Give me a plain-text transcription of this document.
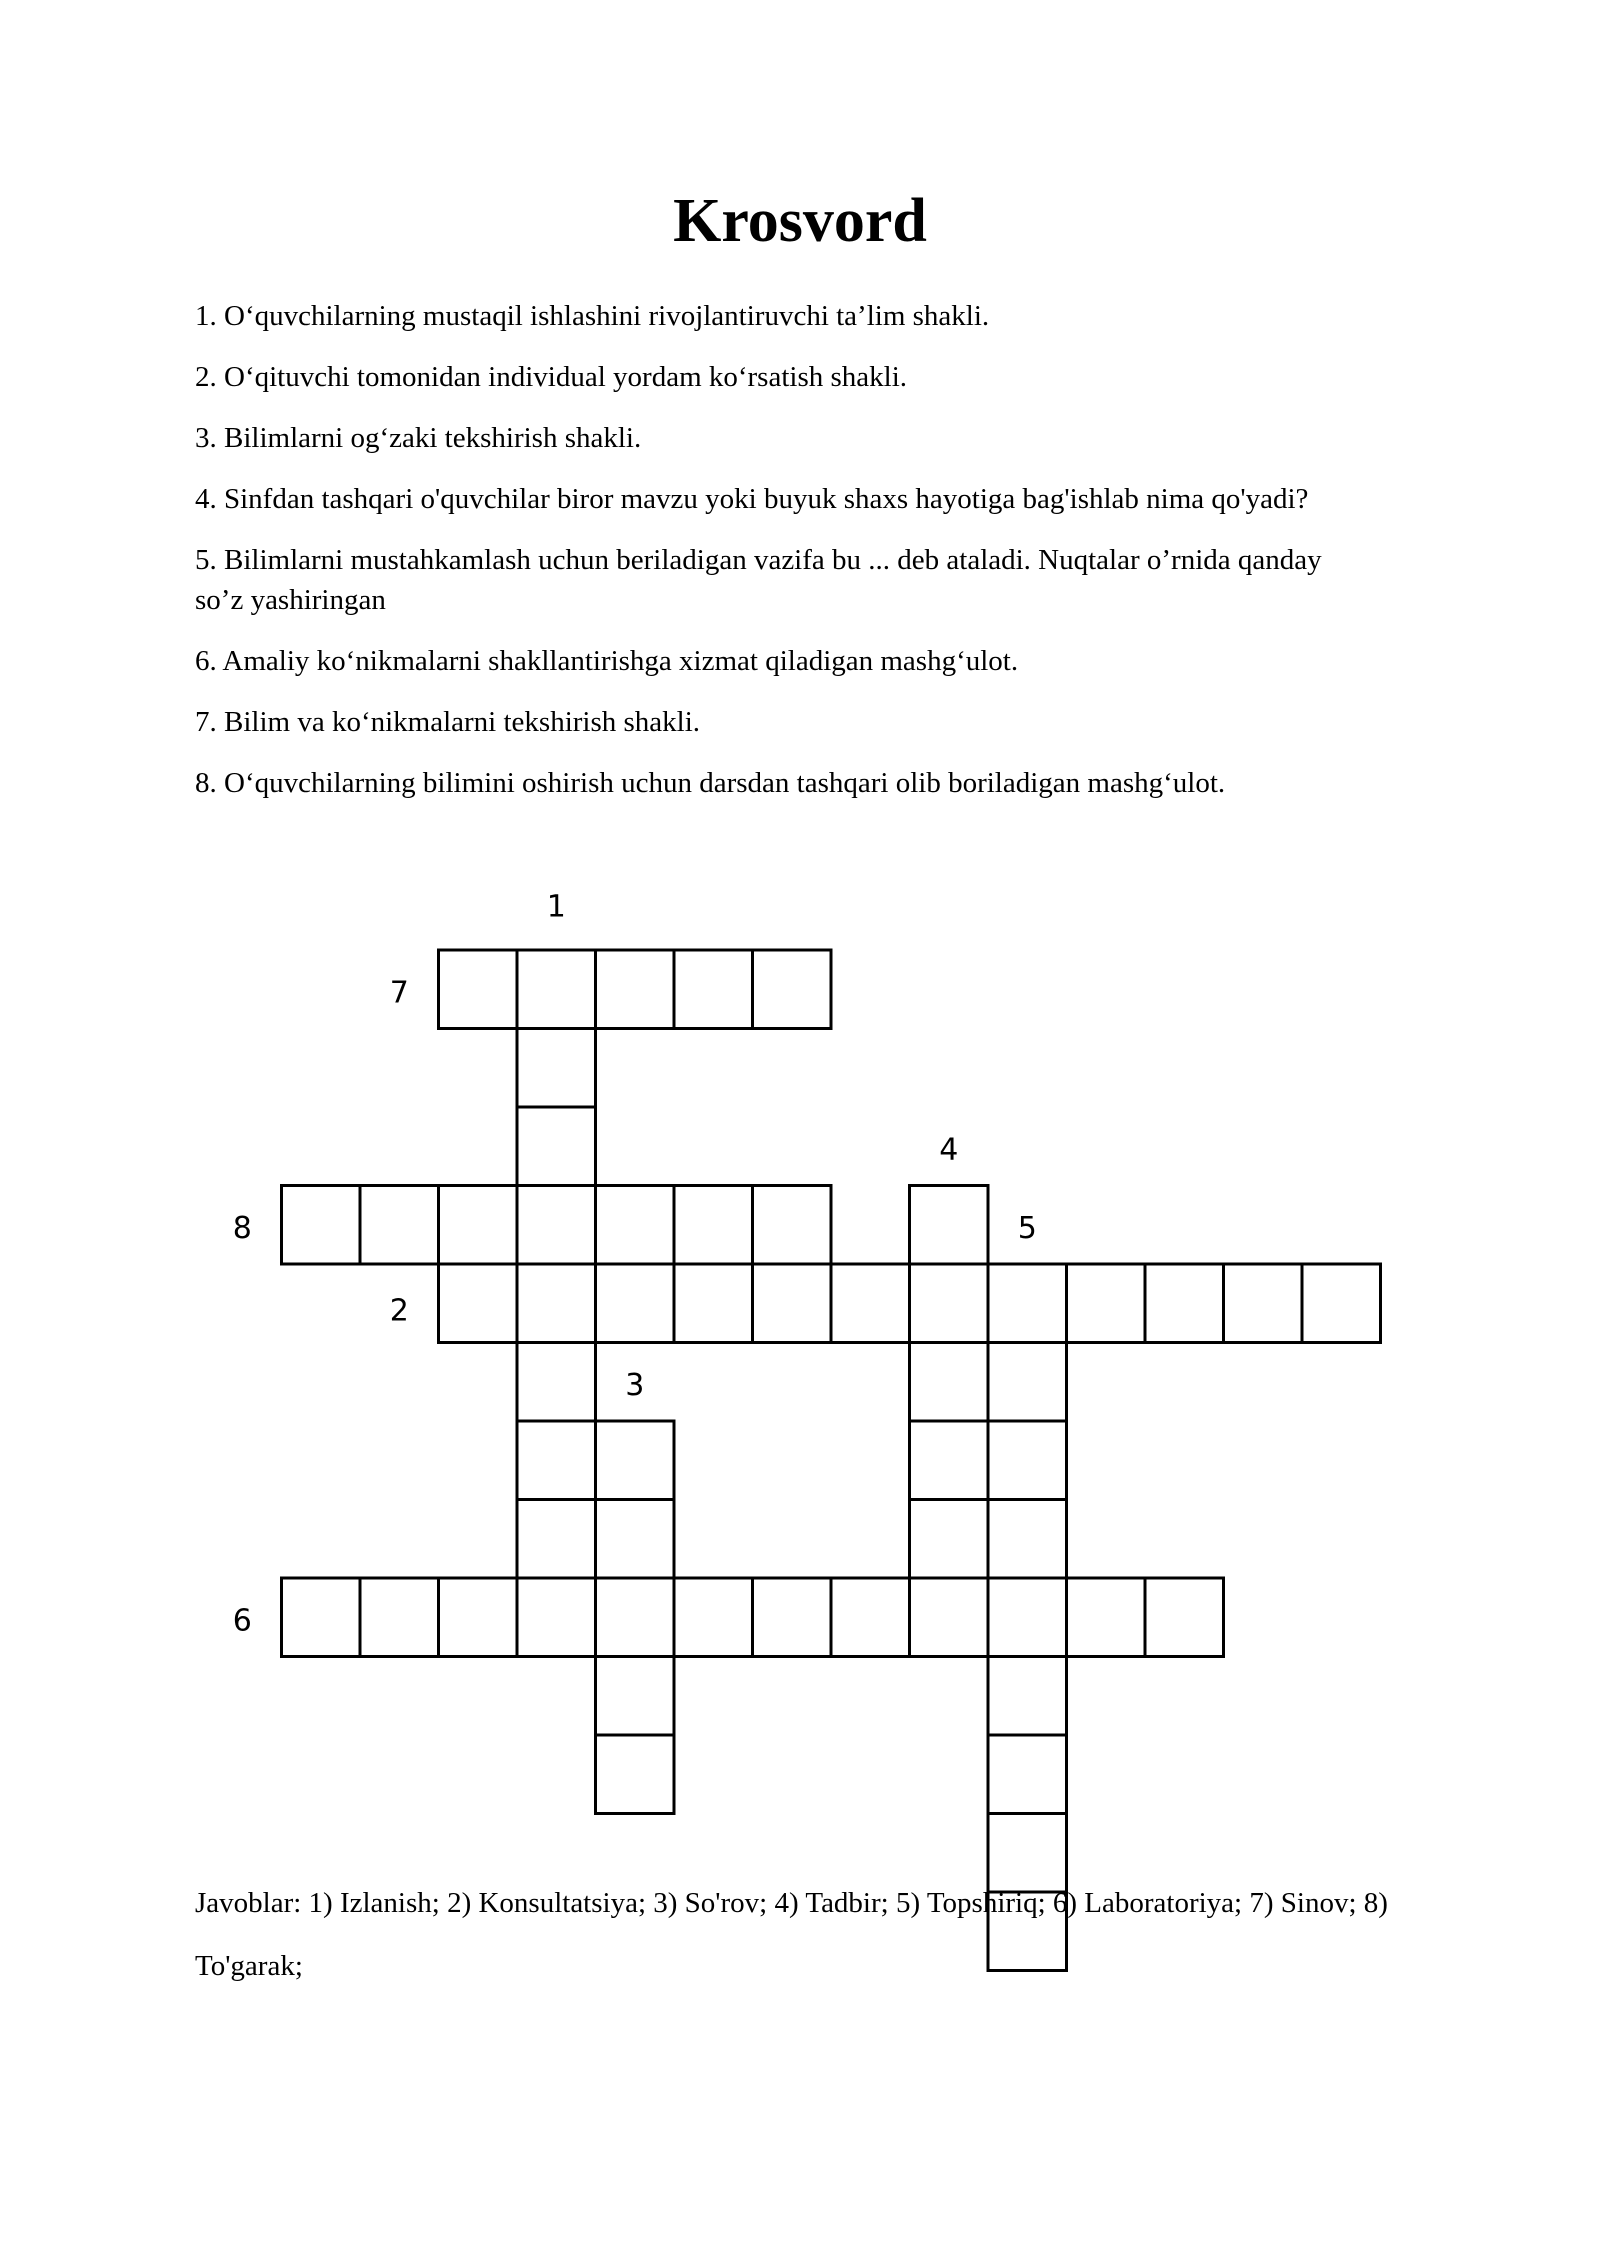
Krosvord
1. O‘quvchilarning mustaqil ishlashini rivojlantiruvchi ta’lim shakli.
2. O‘qituvchi tomonidan individual yordam ko‘rsatish shakli.
3. Bilimlarni og‘zaki tekshirish shakli.
4. Sinfdan tashqari o'quvchilar biror mavzu yoki buyuk shaxs hayotiga bag'ishlab nima qo'yadi?
5. Bilimlarni mustahkamlash uchun beriladigan vazifa bu ... deb ataladi. Nuqtalar o’rnida qanday so’z yashiringan
6. Amaliy ko‘nikmalarni shakllantirishga xizmat qiladigan mashg‘ulot.
7. Bilim va ko‘nikmalarni tekshirish shakli.
8. O‘quvchilarning bilimini oshirish uchun darsdan tashqari olib boriladigan mashg‘ulot.
1
2
3
4
5
6
7
8

Javoblar: 1) Izlanish; 2) Konsultatsiya; 3) So'rov; 4) Tadbir; 5) Topshiriq; 6) Laboratoriya; 7) Sinov; 8) To'garak;
